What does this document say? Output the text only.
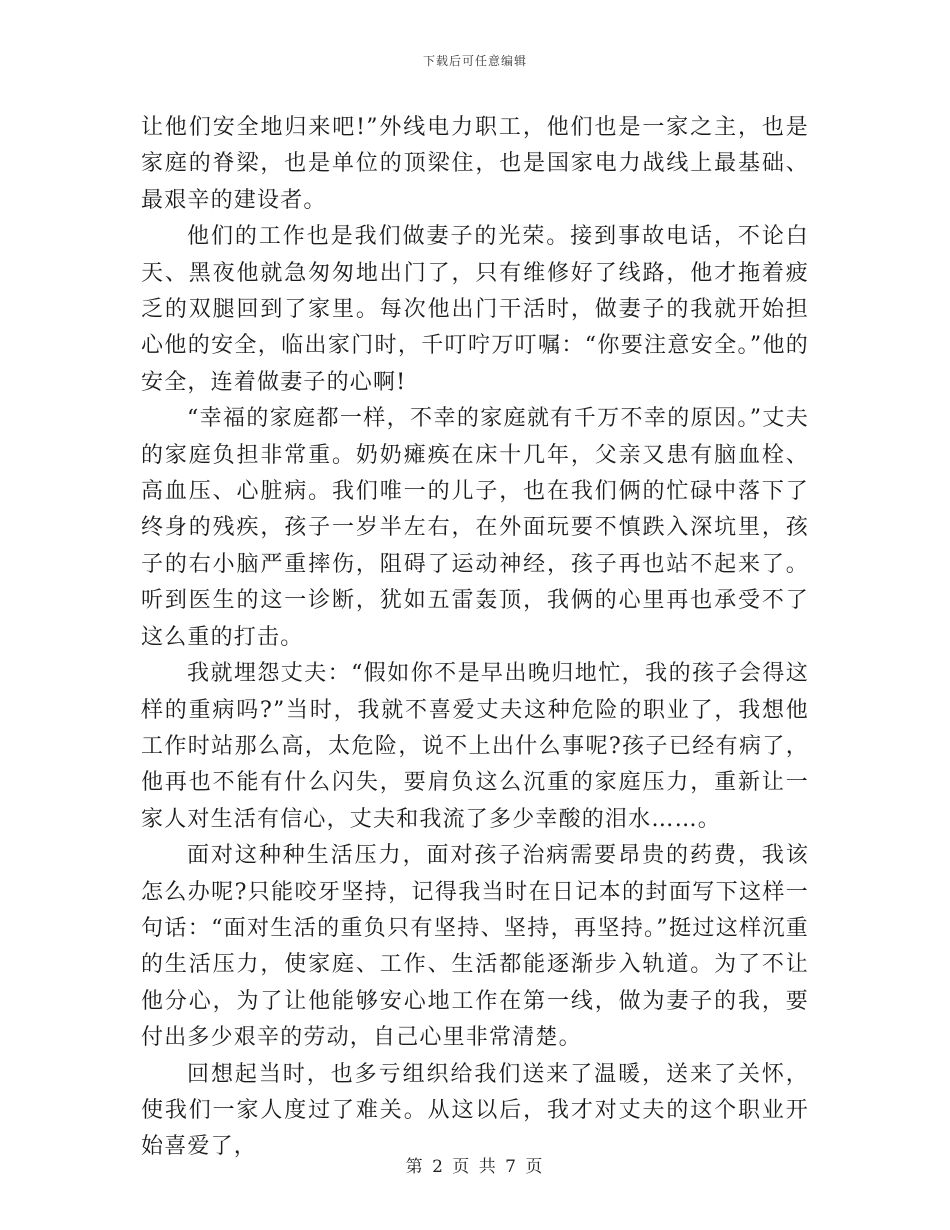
下载后可任意编辑

让他们安全地归来吧!”外线电力职工，他们也是一家之主，也是家庭的脊梁，也是单位的顶梁住，也是国家电力战线上最基础、最艰辛的建设者。

他们的工作也是我们做妻子的光荣。接到事故电话，不论白天、黑夜他就急匆匆地出门了，只有维修好了线路，他才拖着疲乏的双腿回到了家里。每次他出门干活时，做妻子的我就开始担心他的安全，临出家门时，千叮咛万叮嘱：“你要注意安全。”他的安全，连着做妻子的心啊!

“幸福的家庭都一样，不幸的家庭就有千万不幸的原因。”丈夫的家庭负担非常重。奶奶瘫痪在床十几年，父亲又患有脑血栓、高血压、心脏病。我们唯一的儿子，也在我们俩的忙碌中落下了终身的残疾，孩子一岁半左右，在外面玩要不慎跌入深坑里，孩子的右小脑严重摔伤，阻碍了运动神经，孩子再也站不起来了。听到医生的这一诊断，犹如五雷轰顶，我俩的心里再也承受不了这么重的打击。

我就埋怨丈夫：“假如你不是早出晚归地忙，我的孩子会得这样的重病吗?”当时，我就不喜爱丈夫这种危险的职业了，我想他工作时站那么高，太危险，说不上出什么事呢?孩子已经有病了，他再也不能有什么闪失，要肩负这么沉重的家庭压力，重新让一家人对生活有信心，丈夫和我流了多少幸酸的泪水……。

面对这种种生活压力，面对孩子治病需要昂贵的药费，我该怎么办呢?只能咬牙坚持，记得我当时在日记本的封面写下这样一句话：“面对生活的重负只有坚持、坚持，再坚持。”挺过这样沉重的生活压力，使家庭、工作、生活都能逐渐步入轨道。为了不让他分心，为了让他能够安心地工作在第一线，做为妻子的我，要付出多少艰辛的劳动，自己心里非常清楚。

回想起当时，也多亏组织给我们送来了温暖，送来了关怀，使我们一家人度过了难关。从这以后，我才对丈夫的这个职业开始喜爱了，

第 2 页 共 7 页
